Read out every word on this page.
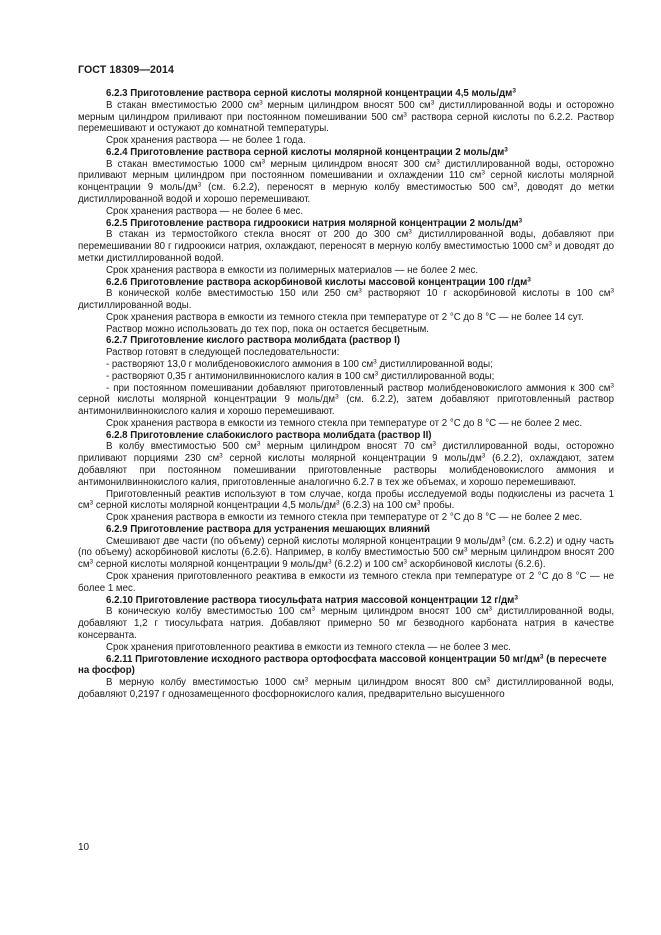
ГОСТ 18309—2014

6.2.3 Приготовление раствора серной кислоты молярной концентрации 4,5 моль/$дм^3$

В стакан вместимостью 2000 $см^3$ мерным цилиндром вносят 500 $см^3$ дистиллированной воды и осторожно мерным цилиндром приливают при постоянном помешивании 500 $см^3$ раствора серной кислоты по 6.2.2. Раствор перемешивают и остужают до комнатной температуры.

Срок хранения раствора — не более 1 года.

6.2.4 Приготовление раствора серной кислоты молярной концентрации 2 моль/$дм^3$

В стакан вместимостью 1000 $см^3$ мерным цилиндром вносят 300 $см^3$ дистиллированной воды, осторожно приливают мерным цилиндром при постоянном помешивании и охлаждении 110 $см^3$ серной кислоты молярной концентрации 9 моль/$дм^3$ (см. 6.2.2), переносят в мерную колбу вместимостью 500 $см^3$, доводят до метки дистиллированной водой и хорошо перемешивают.

Срок хранения раствора — не более 6 мес.

6.2.5 Приготовление раствора гидроокиси натрия молярной концентрации 2 моль/$дм^3$

В стакан из термостойкого стекла вносят от 200 до 300 $см^3$ дистиллированной воды, добавляют при перемешивании 80 г гидроокиси натрия, охлаждают, переносят в мерную колбу вместимостью 1000 $см^3$ и доводят до метки дистиллированной водой.

Срок хранения раствора в емкости из полимерных материалов — не более 2 мес.

6.2.6 Приготовление раствора аскорбиновой кислоты массовой концентрации 100 $г/дм^3$

В конической колбе вместимостью 150 или 250 $см^3$ растворяют 10 г аскорбиновой кислоты в 100 $см^3$ дистиллированной воды.

Срок хранения раствора в емкости из темного стекла при температуре от 2 °С до 8 °С — не более 14 сут.

Раствор можно использовать до тех пор, пока он остается бесцветным.

6.2.7 Приготовление кислого раствора молибдата (раствор I)

Раствор готовят в следующей последовательности:

- растворяют 13,0 г молибденовокислого аммония в 100 $см^3$ дистиллированной воды;

- растворяют 0,35 г антимонилвиннокислого калия в 100 $см^3$ дистиллированной воды;

- при постоянном помешивании добавляют приготовленный раствор молибденовокислого аммония к 300 $см^3$ серной кислоты молярной концентрации 9 моль/$дм^3$ (см. 6.2.2), затем добавляют приготовленный раствор антимонилвиннокислого калия и хорошо перемешивают.

Срок хранения раствора в емкости из темного стекла при температуре от 2 °С до 8 °С — не более 2 мес.

6.2.8 Приготовление слабокислого раствора молибдата (раствор II)

В колбу вместимостью 500 $см^3$ мерным цилиндром вносят 70 $см^3$ дистиллированной воды, осторожно приливают порциями 230 $см^3$ серной кислоты молярной концентрации 9 моль/$дм^3$ (6.2.2), охлаждают, затем добавляют при постоянном помешивании приготовленные растворы молибденовокислого аммония и антимонилвиннокислого калия, приготовленные аналогично 6.2.7 в тех же объемах, и хорошо перемешивают.

Приготовленный реактив используют в том случае, когда пробы исследуемой воды подкислены из расчета 1 $см^3$ серной кислоты молярной концентрации 4,5 моль/$дм^3$ (6.2.3) на 100 $см^3$ пробы.

Срок хранения раствора в емкости из темного стекла при температуре от 2 °С до 8 °С — не более 2 мес.

6.2.9 Приготовление раствора для устранения мешающих влияний

Смешивают две части (по объему) серной кислоты молярной концентрации 9 моль/$дм^3$ (см. 6.2.2) и одну часть (по объему) аскорбиновой кислоты (6.2.6). Например, в колбу вместимостью 500 $см^3$ мерным цилиндром вносят 200 $см^3$ серной кислоты молярной концентрации 9 моль/$дм^3$ (6.2.2) и 100 $см^3$ аскорбиновой кислоты (6.2.6).

Срок хранения приготовленного реактива в емкости из темного стекла при температуре от 2 °С до 8 °С — не более 1 мес.

6.2.10 Приготовление раствора тиосульфата натрия массовой концентрации 12 $г/дм^3$

В коническую колбу вместимостью 100 $см^3$ мерным цилиндром вносят 100 $см^3$ дистиллированной воды, добавляют 1,2 г тиосульфата натрия. Добавляют примерно 50 мг безводного карбоната натрия в качестве консерванта.

Срок хранения приготовленного реактива в емкости из темного стекла — не более 3 мес.

6.2.11 Приготовление исходного раствора ортофосфата массовой концентрации 50 $мг/дм^3$ (в пересчете на фосфор)

В мерную колбу вместимостью 1000 $см^3$ мерным цилиндром вносят 800 $см^3$ дистиллированной воды, добавляют 0,2197 г однозамещенного фосфорнокислого калия, предварительно высушенного

10
